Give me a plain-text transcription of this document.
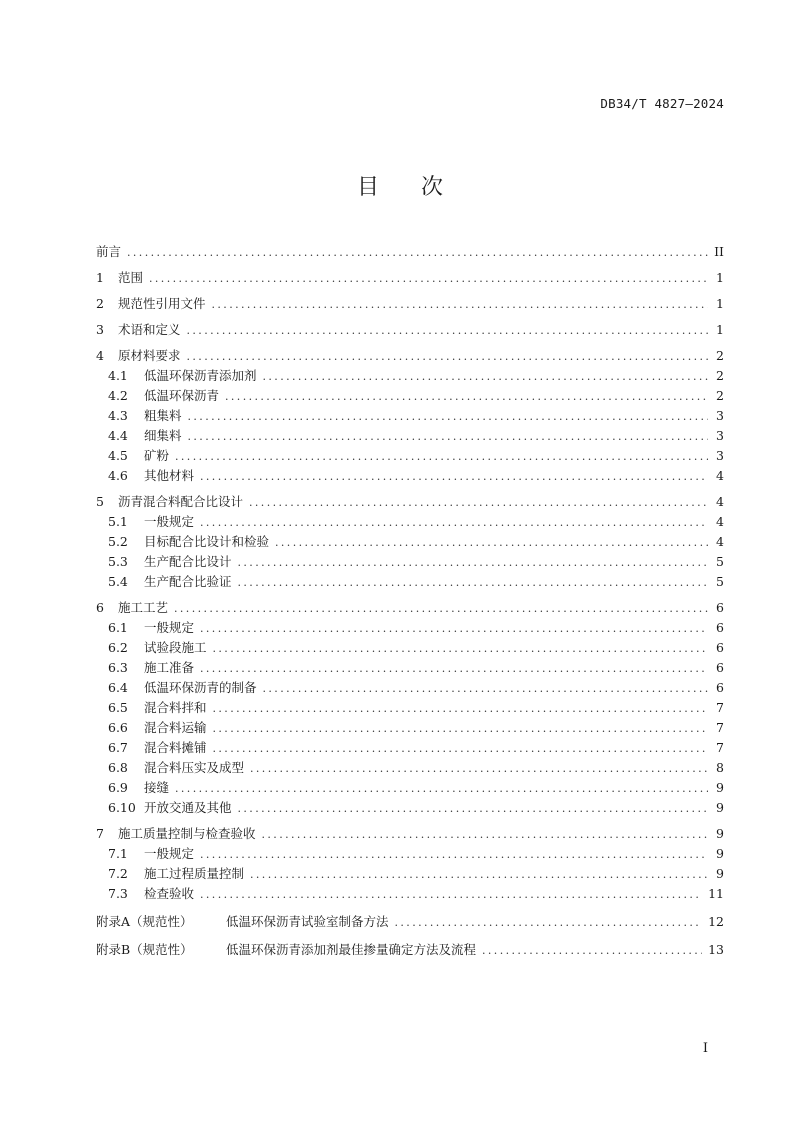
DB34/T 4827—2024
目 次
前言 .....	II
1	范围 .....	1
2	规范性引用文件 .....	1
3	术语和定义 .....	1
4	原材料要求 .....	2
4.1	低温环保沥青添加剂 .....	2
4.2	低温环保沥青 .....	2
4.3	粗集料 .....	3
4.4	细集料 .....	3
4.5	矿粉 .....	3
4.6	其他材料 .....	4
5	沥青混合料配合比设计 .....	4
5.1	一般规定 .....	4
5.2	目标配合比设计和检验 .....	4
5.3	生产配合比设计 .....	5
5.4	生产配合比验证 .....	5
6	施工工艺 .....	6
6.1	一般规定 .....	6
6.2	试验段施工 .....	6
6.3	施工准备 .....	6
6.4	低温环保沥青的制备 .....	6
6.5	混合料拌和 .....	7
6.6	混合料运输 .....	7
6.7	混合料摊铺 .....	7
6.8	混合料压实及成型 .....	8
6.9	接缝 .....	9
6.10 开放交通及其他 .....	9
7	施工质量控制与检查验收 .....	9
7.1	一般规定 .....	9
7.2	施工过程质量控制 .....	9
7.3	检查验收 .....	11
附录A（规范性）	低温环保沥青试验室制备方法 .....	12
附录B（规范性）	低温环保沥青添加剂最佳掺量确定方法及流程 .....	13
I
